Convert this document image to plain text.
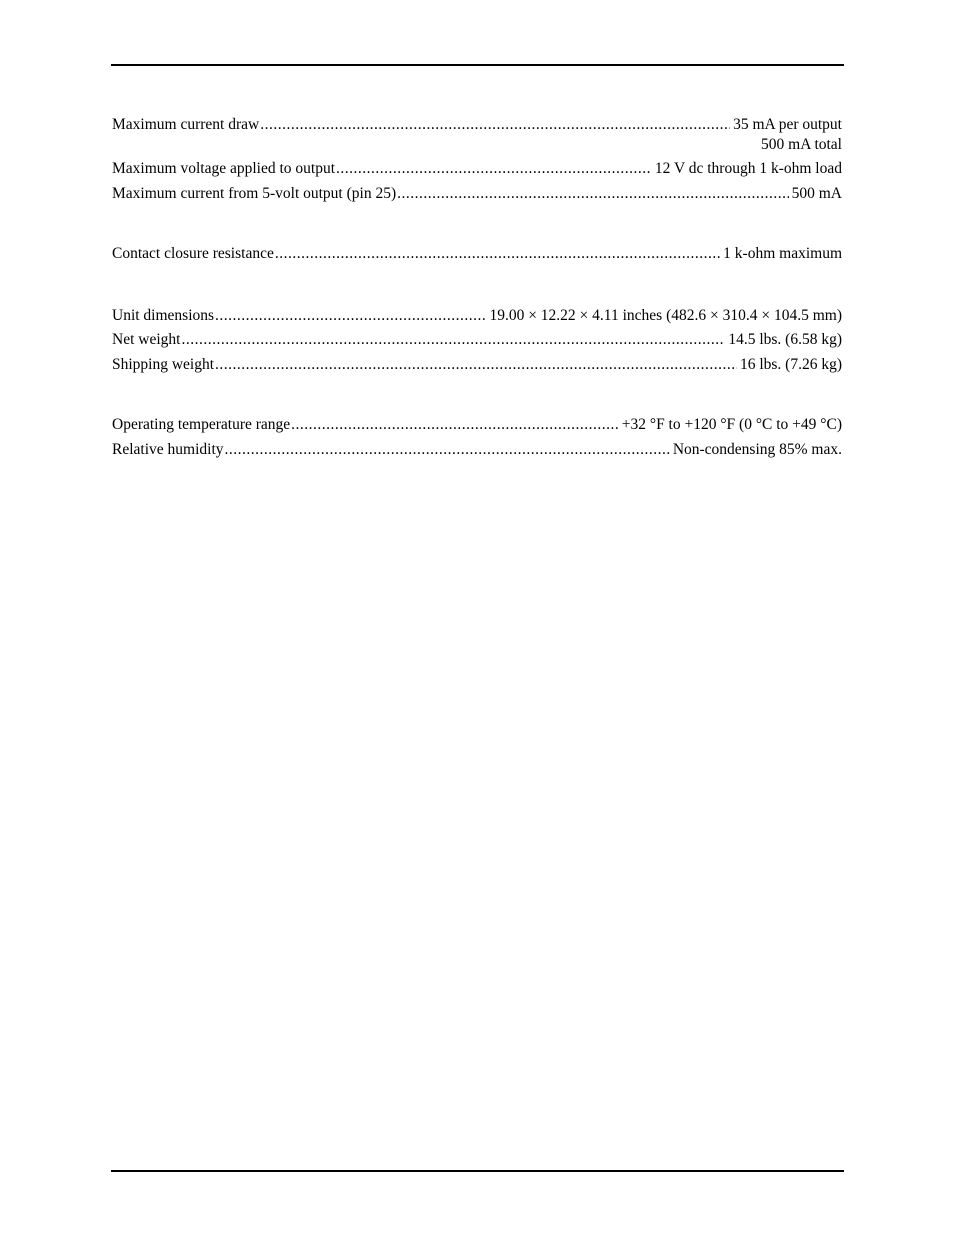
Maximum current draw .....	35 mA per output
500 mA total
Maximum voltage applied to output .....	12 V dc through 1 k-ohm load
Maximum current from 5-volt output (pin 25) .....	500 mA
Contact closure resistance .....	1 k-ohm maximum
Unit dimensions .....	19.00 × 12.22 × 4.11 inches (482.6 × 310.4 × 104.5 mm)
Net weight .....	14.5 lbs. (6.58 kg)
Shipping weight .....	16 lbs. (7.26 kg)
Operating temperature range .....	+32 °F to +120 °F (0 °C to +49 °C)
Relative humidity .....	Non-condensing 85% max.
